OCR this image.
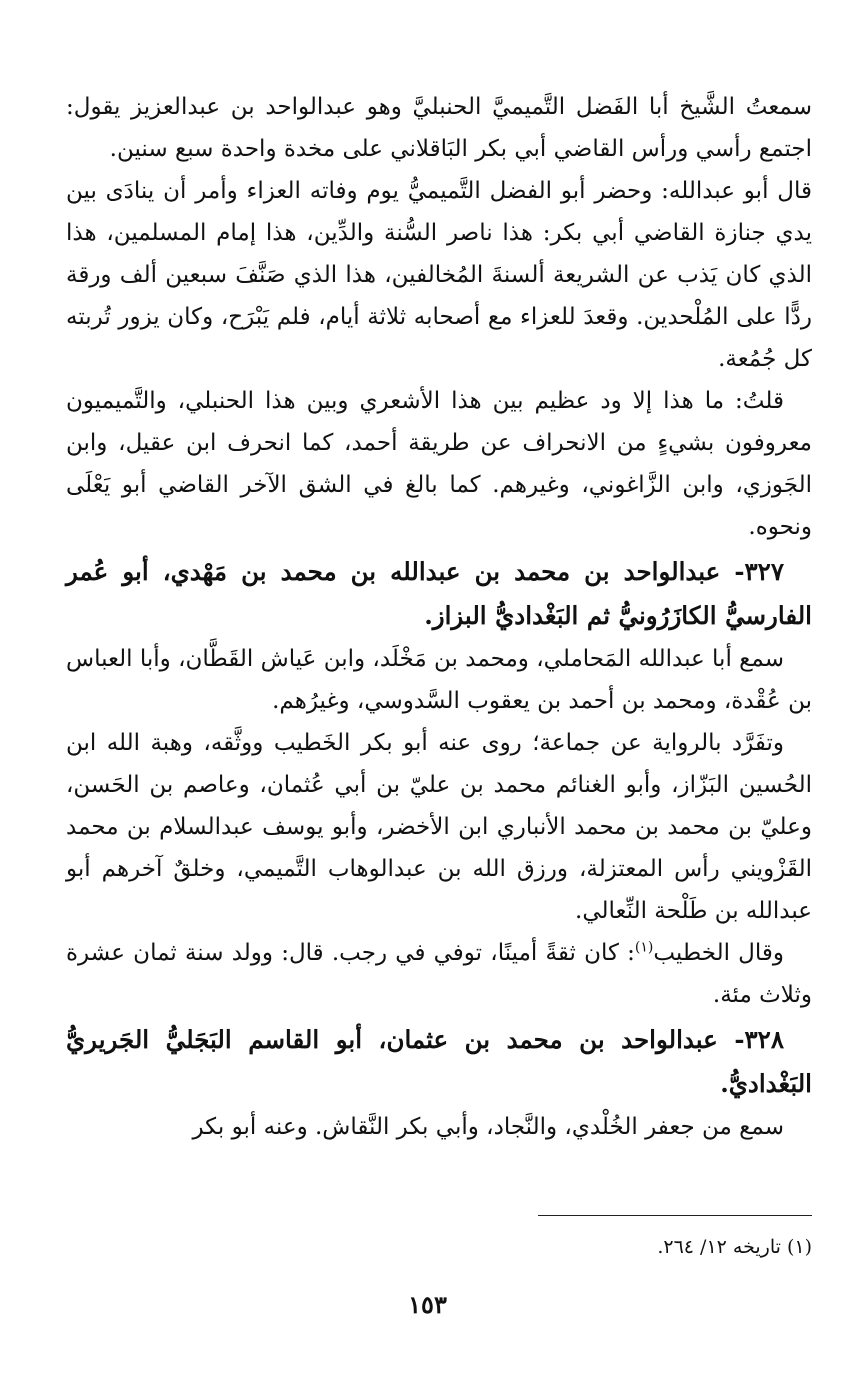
سمعتُ الشَّيخ أبا الفَضل التَّميميَّ الحنبليَّ وهو عبدالواحد بن عبدالعزيز يقول: اجتمع رأسي ورأس القاضي أبي بكر البَاقلاني على مخدة واحدة سبع سنين.

قال أبو عبدالله: وحضر أبو الفضل التَّميميُّ يوم وفاته العزاء وأمر أن ينادَى بين يدي جنازة القاضي أبي بكر: هذا ناصر السُّنة والدِّين، هذا إمام المسلمين، هذا الذي كان يَذب عن الشريعة ألسنةَ المُخالفين، هذا الذي صَنَّفَ سبعين ألف ورقة ردًّا على المُلْحدين. وقعدَ للعزاء مع أصحابه ثلاثة أيام، فلم يَبْرَح، وكان يزور تُربته كل جُمُعة.

قلتُ: ما هذا إلا ود عظيم بين هذا الأشعري وبين هذا الحنبلي، والتَّميميون معروفون بشيءٍ من الانحراف عن طريقة أحمد، كما انحرف ابن عقيل، وابن الجَوزي، وابن الزَّاغوني، وغيرهم. كما بالغ في الشق الآخر القاضي أبو يَعْلَى ونحوه.

٣٢٧- عبدالواحد بن محمد بن عبدالله بن محمد بن مَهْدي، أبو عُمر الفارسيُّ الكازَرُونيُّ ثم البَغْداديُّ البزاز.

سمع أبا عبدالله المَحاملي، ومحمد بن مَخْلَد، وابن عَياش القَطَّان، وأبا العباس بن عُقْدة، ومحمد بن أحمد بن يعقوب السَّدوسي، وغيرُهم.

وتفَرَّد بالرواية عن جماعة؛ روى عنه أبو بكر الخَطيب ووثَّقه، وهبة الله ابن الحُسين البَزّاز، وأبو الغنائم محمد بن عليّ بن أبي عُثمان، وعاصم بن الحَسن، وعليّ بن محمد بن محمد الأنباري ابن الأخضر، وأبو يوسف عبدالسلام بن محمد القَزْويني رأس المعتزلة، ورزق الله بن عبدالوهاب التَّميمي، وخلقٌ آخرهم أبو عبدالله بن طَلْحة النِّعالي.

وقال الخطيب$^{(١)}$: كان ثقةً أمينًا، توفي في رجب. قال: وولد سنة ثمان عشرة وثلاث مئة.

٣٢٨- عبدالواحد بن محمد بن عثمان، أبو القاسم البَجَليُّ الجَريريُّ البَغْداديُّ.

سمع من جعفر الخُلْدي، والنَّجاد، وأبي بكر النَّقاش. وعنه أبو بكر

(١) تاريخه ١٢/ ٢٦٤.
١٥٣
